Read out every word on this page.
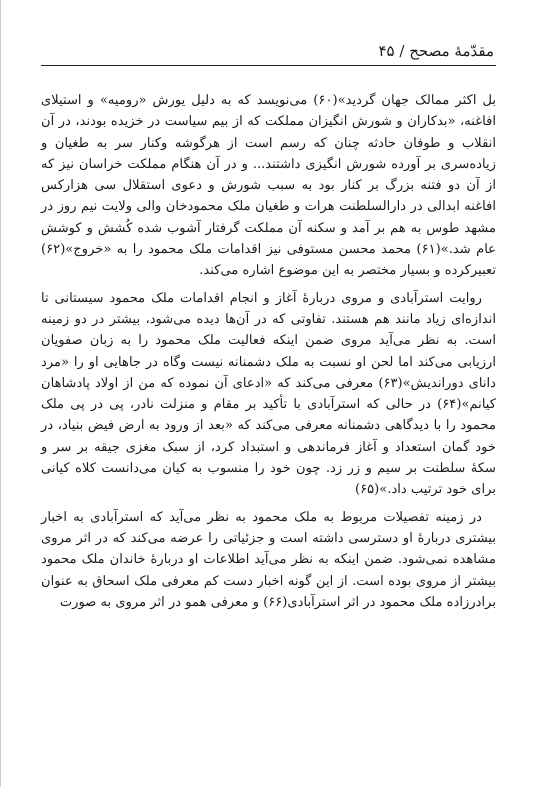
مقدّمهٔ مصحح / ۴۵

بل اکثر ممالک جهان گردید»(۶۰) می‌نویسد که به دلیل یورش «رومیه» و استیلای افاغنه، «بدکاران و شورش انگیزان مملکت که از بیم سیاست در خزیده بودند، در آن انقلاب و طوفان حادثه چنان که رسم است از هرگوشه وکنار سر به طغیان و زیاده‌سری بر آورده شورش انگیزی داشتند... و در آن هنگام مملکت خراسان نیز که از آن دو فتنه بزرگ بر کنار بود به سبب شورش و دعوی استقلال سی هزارکس افاغنه ابدالی در دارالسلطنت هرات و طغیان ملک محمودخان والی ولایت نیم روز در مشهد طوس به هم بر آمد و سکنه آن مملکت گرفتار آشوب شده کُشش و کوشش عام شد.»(۶۱) محمد محسن مستوفی نیز اقدامات ملک محمود را به «خروج»(۶۲) تعبیرکرده و بسیار مختصر به این موضوع اشاره می‌کند.

روایت استرآبادی و مروی دربارهٔ آغاز و انجام اقدامات ملک محمود سیستانی تا اندازه‌ای زیاد مانند هم هستند. تفاوتی که در آن‌ها دیده می‌شود، بیشتر در دو زمینه است. به نظر می‌آید مروی ضمن اینکه فعالیت ملک محمود را به زبان صفویان ارزیابی می‌کند اما لحن او نسبت به ملک دشمنانه نیست وگاه در جاهایی او را «مرد دانای دوراندیش»(۶۳) معرفی می‌کند که «ادعای آن نموده که من از اولاد پادشاهان کیانم»(۶۴) در حالی که استرآبادی با تأکید بر مقام و منزلت نادر، پی در پی ملک محمود را با دیدگاهی دشمنانه معرفی می‌کند که «بعد از ورود به ارض فیض بنیاد، در خود گمان استعداد و آغاز فرماندهی و استبداد کرد، از سبک مغزی جیقه بر سر و سکهٔ سلطنت بر سیم و زر زد. چون خود را منسوب به کیان می‌دانست کلاه کیانی برای خود ترتیب داد.»(۶۵)

در زمینه تفصیلات مربوط به ملک محمود به نظر می‌آید که استرآبادی به اخبار بیشتری دربارهٔ او دسترسی داشته است و جزئیاتی را عرضه می‌کند که در اثر مروی مشاهده نمی‌شود. ضمن اینکه به نظر می‌آید اطلاعات او دربارهٔ خاندان ملک محمود بیشتر از مروی بوده است. از این گونه اخبار دست کم معرفی ملک اسحاق به عنوان برادرزاده ملک محمود در اثر استرآبادی(۶۶) و معرفی همو در اثر مروی به صورت
